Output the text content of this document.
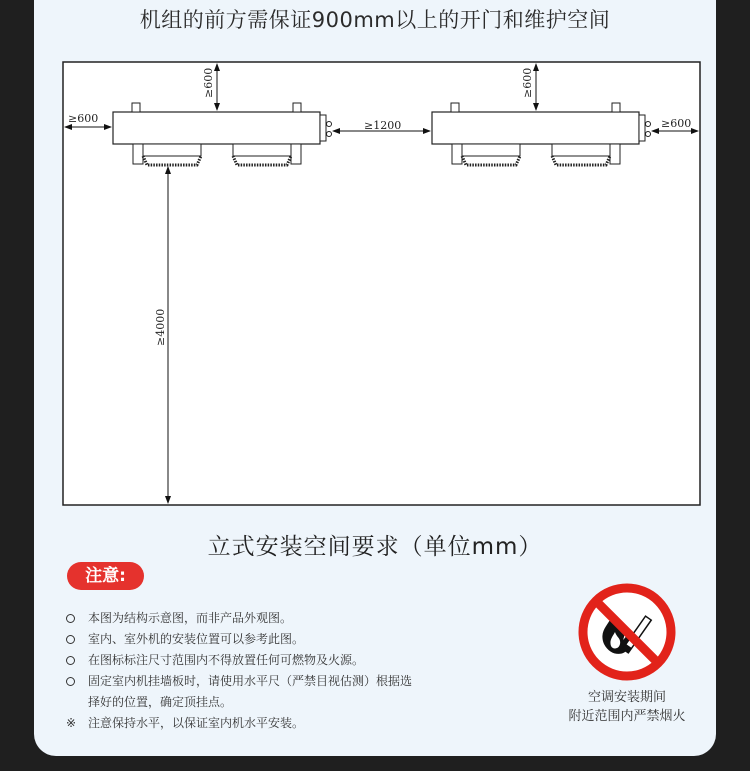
机组的前方需保证900mm以上的开门和维护空间
≥600
≥600
≥1200
≥600
≥600
≥4000
立式安装空间要求（单位mm）
注意:
本图为结构示意图，而非产品外观图。
室内、室外机的安装位置可以参考此图。
在图标标注尺寸范围内不得放置任何可燃物及火源。
固定室内机挂墙板时，请使用水平尺（严禁目视估测）根据选
择好的位置，确定顶挂点。
※ 注意保持水平，以保证室内机水平安装。
空调安装期间
附近范围内严禁烟火
